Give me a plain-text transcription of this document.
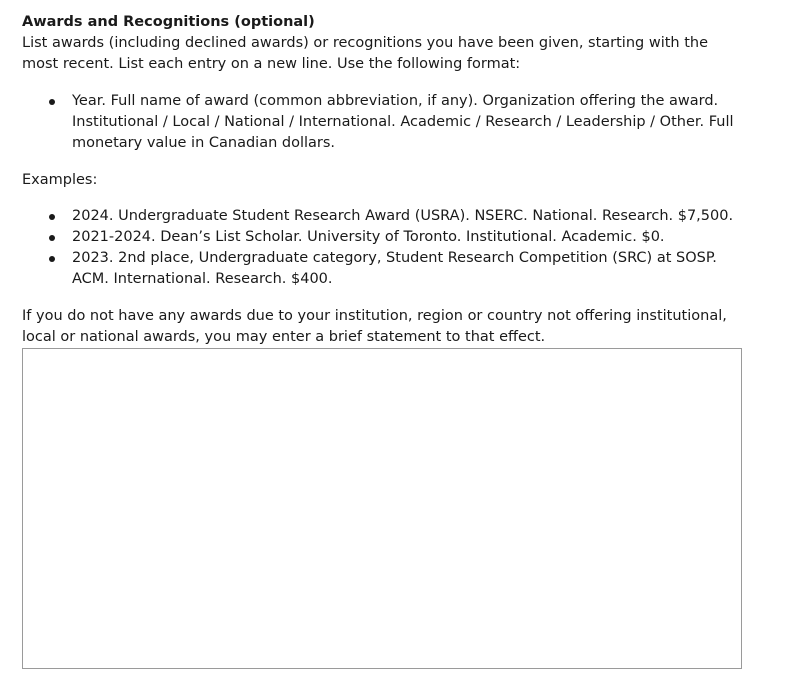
Awards and Recognitions (optional)

List awards (including declined awards) or recognitions you have been given, starting with the most recent. List each entry on a new line. Use the following format:

Year. Full name of award (common abbreviation, if any). Organization offering the award. Institutional / Local / National / International. Academic / Research / Leadership / Other. Full monetary value in Canadian dollars.

Examples:

2024. Undergraduate Student Research Award (USRA). NSERC. National. Research. $7,500.
2021-2024. Dean’s List Scholar. University of Toronto. Institutional. Academic. $0.
2023. 2nd place, Undergraduate category, Student Research Competition (SRC) at SOSP. ACM. International. Research. $400.

If you do not have any awards due to your institution, region or country not offering institutional, local or national awards, you may enter a brief statement to that effect.
